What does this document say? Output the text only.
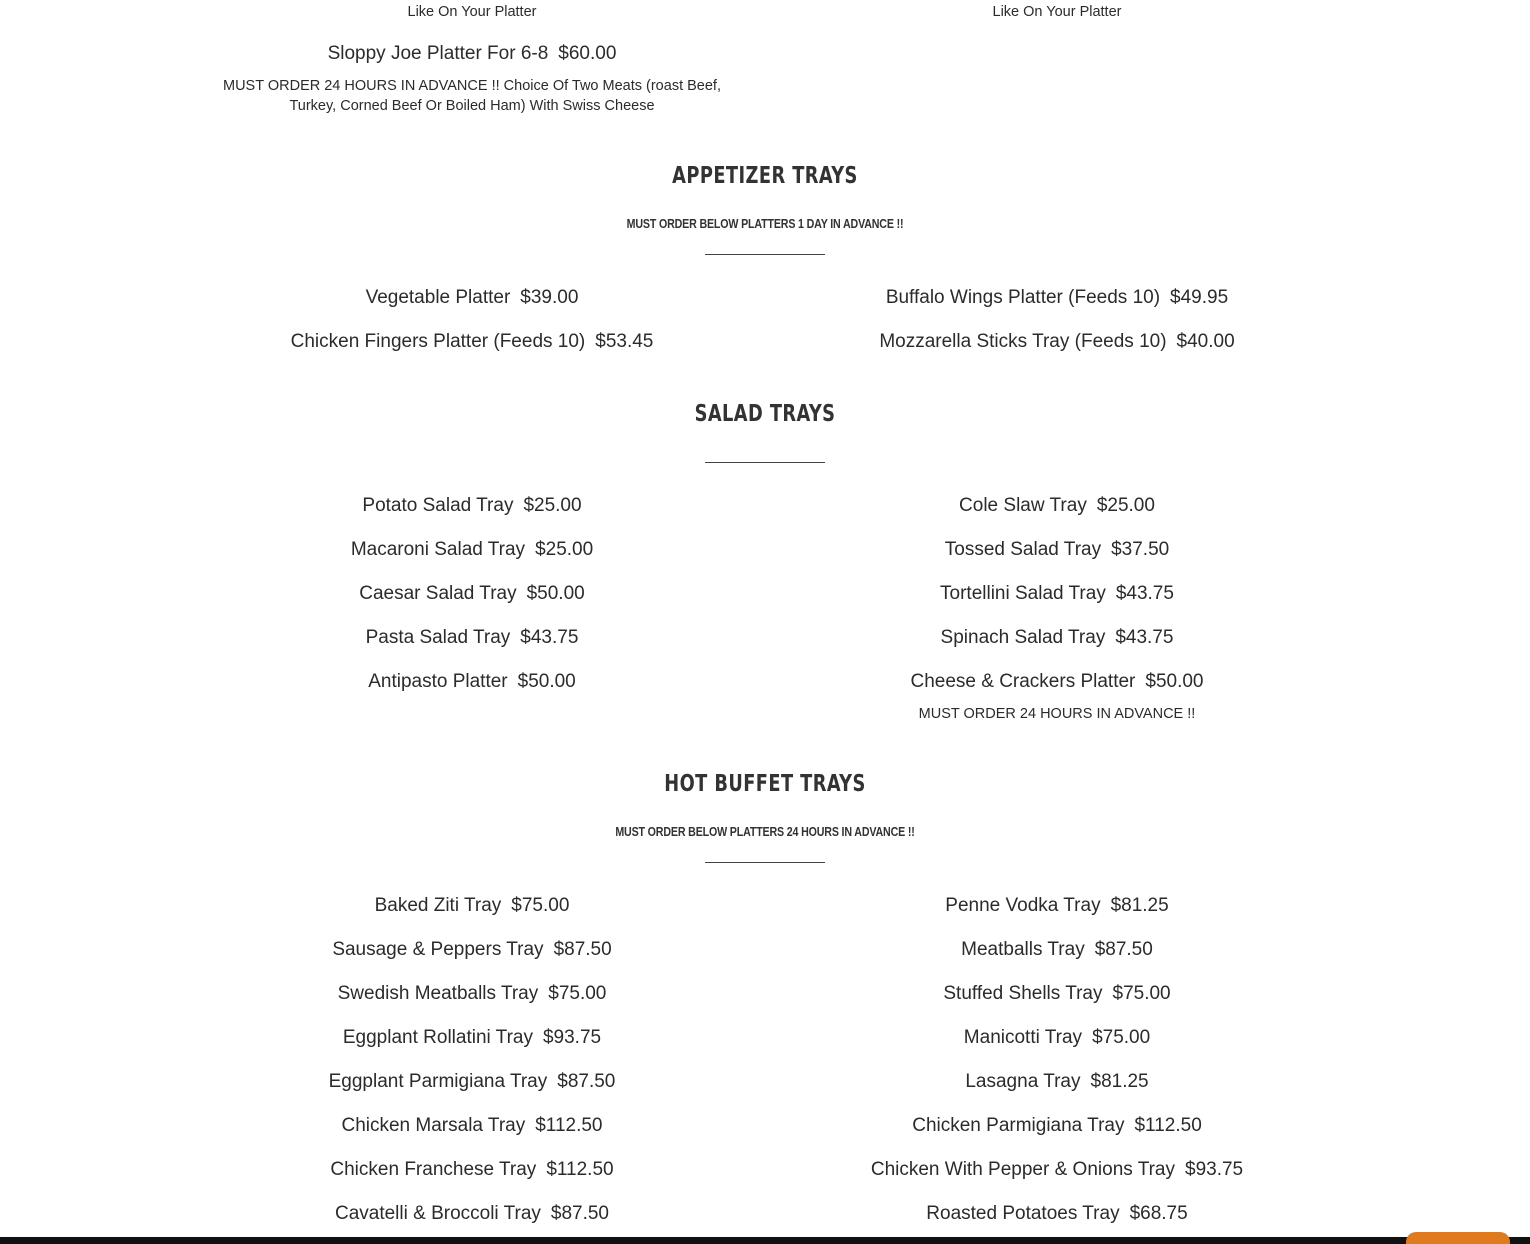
Like On Your Platter
Sloppy Joe Platter For 6-8 $60.00
MUST ORDER 24 HOURS IN ADVANCE !! Choice Of Two Meats (roast Beef,
Turkey, Corned Beef Or Boiled Ham) With Swiss Cheese
Like On Your Platter
APPETIZER TRAYS
MUST ORDER BELOW PLATTERS 1 DAY IN ADVANCE !!
Vegetable Platter $39.00
Chicken Fingers Platter (Feeds 10) $53.45
Buffalo Wings Platter (Feeds 10) $49.95
Mozzarella Sticks Tray (Feeds 10) $40.00
SALAD TRAYS
Potato Salad Tray $25.00
Macaroni Salad Tray $25.00
Caesar Salad Tray $50.00
Pasta Salad Tray $43.75
Antipasto Platter $50.00
Cole Slaw Tray $25.00
Tossed Salad Tray $37.50
Tortellini Salad Tray $43.75
Spinach Salad Tray $43.75
Cheese & Crackers Platter $50.00
MUST ORDER 24 HOURS IN ADVANCE !!
HOT BUFFET TRAYS
MUST ORDER BELOW PLATTERS 24 HOURS IN ADVANCE !!
Baked Ziti Tray $75.00
Sausage & Peppers Tray $87.50
Swedish Meatballs Tray $75.00
Eggplant Rollatini Tray $93.75
Eggplant Parmigiana Tray $87.50
Chicken Marsala Tray $112.50
Chicken Franchese Tray $112.50
Cavatelli & Broccoli Tray $87.50
Penne Vodka Tray $81.25
Meatballs Tray $87.50
Stuffed Shells Tray $75.00
Manicotti Tray $75.00
Lasagna Tray $81.25
Chicken Parmigiana Tray $112.50
Chicken With Pepper & Onions Tray $93.75
Roasted Potatoes Tray $68.75
